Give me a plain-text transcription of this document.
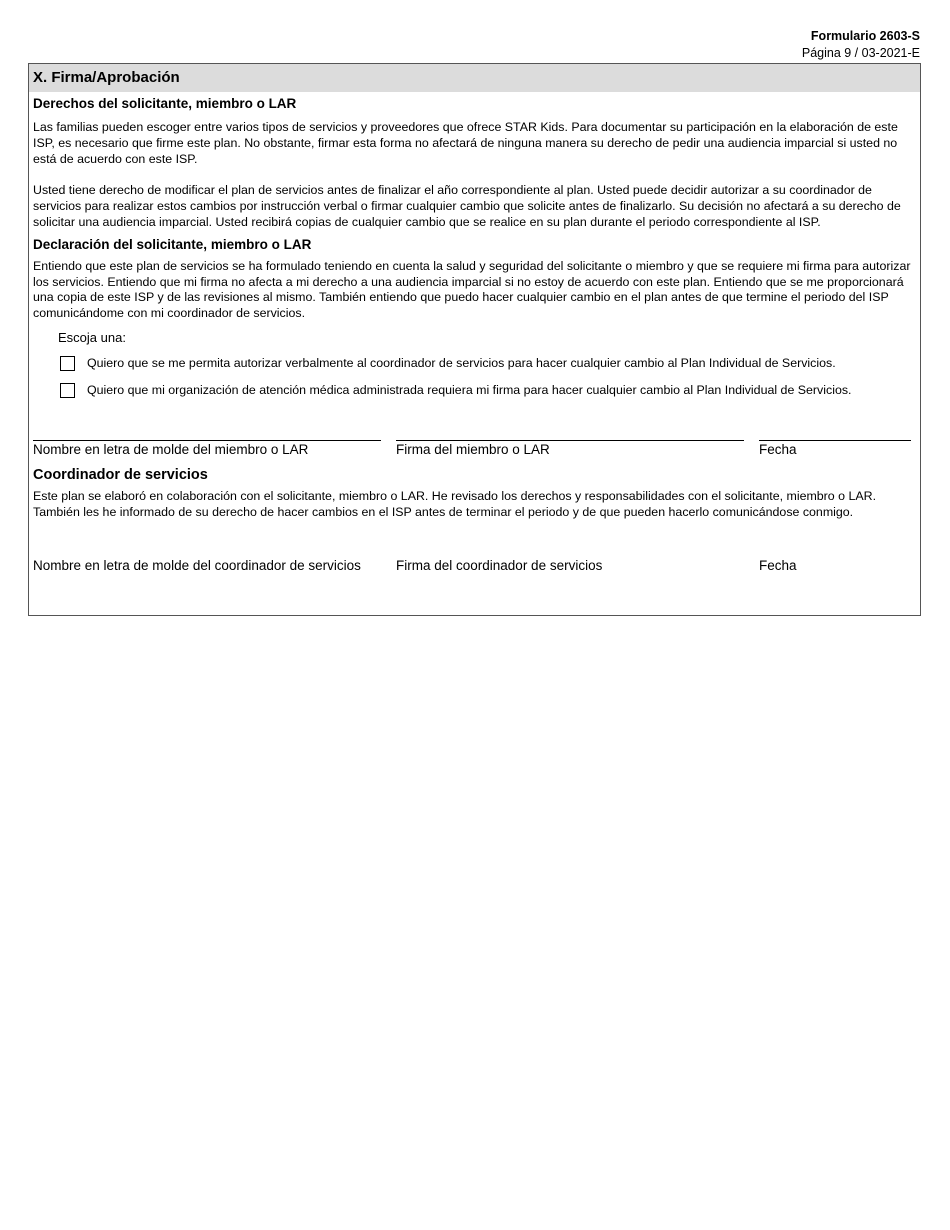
Formulario 2603-S
Página 9 / 03-2021-E
X. Firma/Aprobación
Derechos del solicitante, miembro o LAR

Las familias pueden escoger entre varios tipos de servicios y proveedores que ofrece STAR Kids. Para documentar su participación en la elaboración de este ISP, es necesario que firme este plan. No obstante, firmar esta forma no afectará de ninguna manera su derecho de pedir una audiencia imparcial si usted no está de acuerdo con este ISP.

Usted tiene derecho de modificar el plan de servicios antes de finalizar el año correspondiente al plan. Usted puede decidir autorizar a su coordinador de servicios para realizar estos cambios por instrucción verbal o firmar cualquier cambio que solicite antes de finalizarlo. Su decisión no afectará a su derecho de solicitar una audiencia imparcial. Usted recibirá copias de cualquier cambio que se realice en su plan durante el periodo correspondiente al ISP.

Declaración del solicitante, miembro o LAR

Entiendo que este plan de servicios se ha formulado teniendo en cuenta la salud y seguridad del solicitante o miembro y que se requiere mi firma para autorizar los servicios. Entiendo que mi firma no afecta a mi derecho a una audiencia imparcial si no estoy de acuerdo con este plan. Entiendo que se me proporcionará una copia de este ISP y de las revisiones al mismo. También entiendo que puedo hacer cualquier cambio en el plan antes de que termine el periodo del ISP comunicándome con mi coordinador de servicios.

Escoja una:
Quiero que se me permita autorizar verbalmente al coordinador de servicios para hacer cualquier cambio al Plan Individual de Servicios.
Quiero que mi organización de atención médica administrada requiera mi firma para hacer cualquier cambio al Plan Individual de Servicios.
Nombre en letra de molde del miembro o LAR	Firma del miembro o LAR	Fecha
Coordinador de servicios

Este plan se elaboró en colaboración con el solicitante, miembro o LAR. He revisado los derechos y responsabilidades con el solicitante, miembro o LAR. También les he informado de su derecho de hacer cambios en el ISP antes de terminar el periodo y de que pueden hacerlo comunicándose conmigo.

Nombre en letra de molde del coordinador de servicios	Firma del coordinador de servicios	Fecha
